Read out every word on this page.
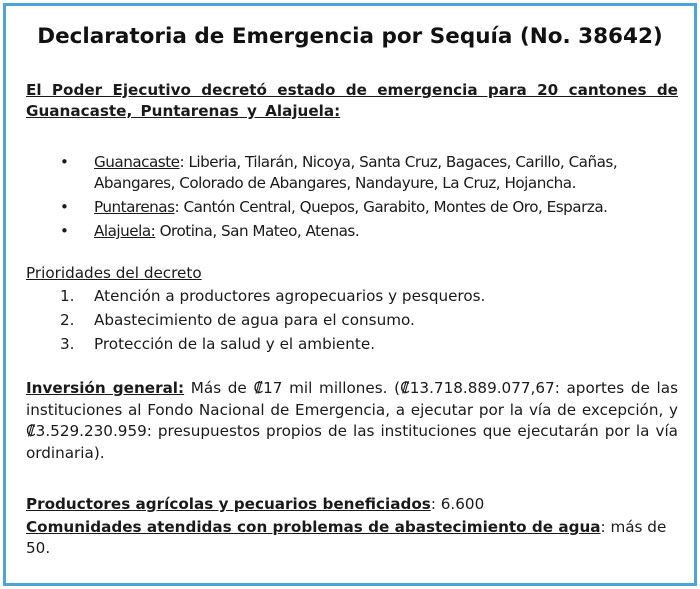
Declaratoria de Emergencia por Sequía (No. 38642)

El Poder Ejecutivo decretó estado de emergencia para 20 cantones de Guanacaste, Puntarenas y Alajuela:

• Guanacaste: Liberia, Tilarán, Nicoya, Santa Cruz, Bagaces, Carillo, Cañas, Abangares, Colorado de Abangares, Nandayure, La Cruz, Hojancha.
• Puntarenas: Cantón Central, Quepos, Garabito, Montes de Oro, Esparza.
• Alajuela: Orotina, San Mateo, Atenas.

Prioridades del decreto

1. Atención a productores agropecuarios y pesqueros.
2. Abastecimiento de agua para el consumo.
3. Protección de la salud y el ambiente.

Inversión general: Más de ₡17 mil millones. (₡13.718.889.077,67: aportes de las instituciones al Fondo Nacional de Emergencia, a ejecutar por la vía de excepción, y ₡3.529.230.959: presupuestos propios de las instituciones que ejecutarán por la vía ordinaria).

Productores agrícolas y pecuarios beneficiados: 6.600

Comunidades atendidas con problemas de abastecimiento de agua: más de 50.
